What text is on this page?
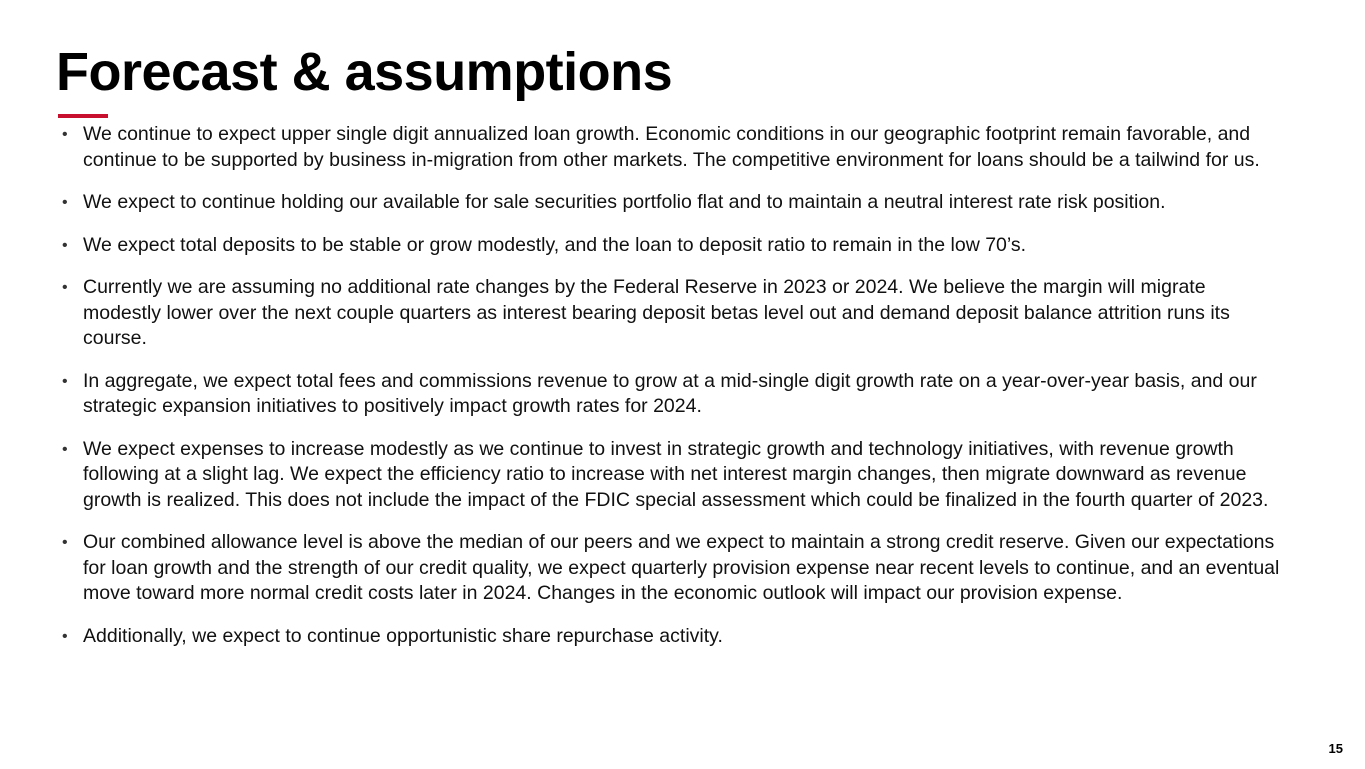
Forecast & assumptions
• We continue to expect upper single digit annualized loan growth. Economic conditions in our geographic footprint remain favorable, and continue to be supported by business in-migration from other markets. The competitive environment for loans should be a tailwind for us.
• We expect to continue holding our available for sale securities portfolio flat and to maintain a neutral interest rate risk position.
• We expect total deposits to be stable or grow modestly, and the loan to deposit ratio to remain in the low 70’s.
• Currently we are assuming no additional rate changes by the Federal Reserve in 2023 or 2024. We believe the margin will migrate modestly lower over the next couple quarters as interest bearing deposit betas level out and demand deposit balance attrition runs its course.
• In aggregate, we expect total fees and commissions revenue to grow at a mid-single digit growth rate on a year-over-year basis, and our strategic expansion initiatives to positively impact growth rates for 2024.
• We expect expenses to increase modestly as we continue to invest in strategic growth and technology initiatives, with revenue growth following at a slight lag. We expect the efficiency ratio to increase with net interest margin changes, then migrate downward as revenue growth is realized. This does not include the impact of the FDIC special assessment which could be finalized in the fourth quarter of 2023.
• Our combined allowance level is above the median of our peers and we expect to maintain a strong credit reserve. Given our expectations for loan growth and the strength of our credit quality, we expect quarterly provision expense near recent levels to continue, and an eventual move toward more normal credit costs later in 2024. Changes in the economic outlook will impact our provision expense.
• Additionally, we expect to continue opportunistic share repurchase activity.
15
